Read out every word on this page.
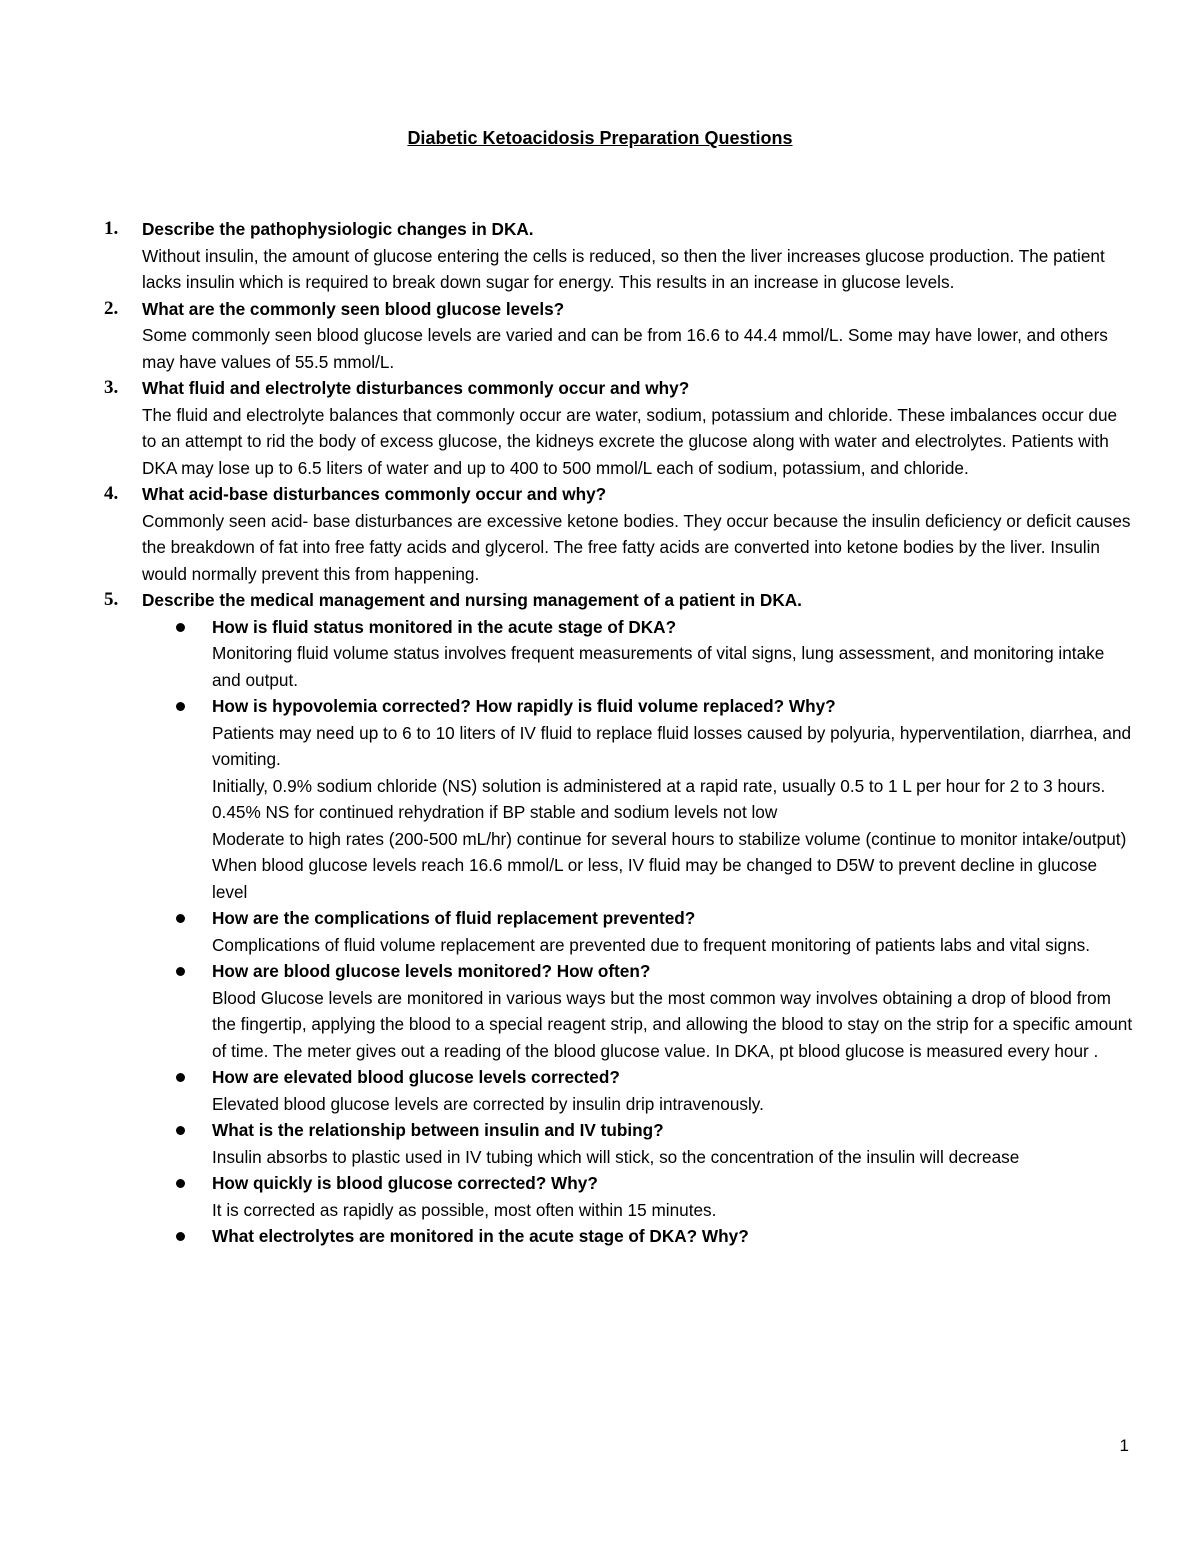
Diabetic Ketoacidosis Preparation Questions
1. Describe the pathophysiologic changes in DKA.
Without insulin, the amount of glucose entering the cells is reduced, so then the liver increases glucose production. The patient lacks insulin which is required to break down sugar for energy. This results in an increase in glucose levels.
2. What are the commonly seen blood glucose levels?
Some commonly seen blood glucose levels are varied and can be from 16.6 to 44.4 mmol/L. Some may have lower, and others may have values of 55.5 mmol/L.
3. What fluid and electrolyte disturbances commonly occur and why?
The fluid and electrolyte balances that commonly occur are water, sodium, potassium and chloride. These imbalances occur due to an attempt to rid the body of excess glucose, the kidneys excrete the glucose along with water and electrolytes. Patients with DKA may lose up to 6.5 liters of water and up to 400 to 500 mmol/L each of sodium, potassium, and chloride.
4. What acid-base disturbances commonly occur and why?
Commonly seen acid- base disturbances are excessive ketone bodies. They occur because the insulin deficiency or deficit causes the breakdown of fat into free fatty acids and glycerol. The free fatty acids are converted into ketone bodies by the liver. Insulin would normally prevent this from happening.
5. Describe the medical management and nursing management of a patient in DKA.
How is fluid status monitored in the acute stage of DKA?
Monitoring fluid volume status involves frequent measurements of vital signs, lung assessment, and monitoring intake and output.
How is hypovolemia corrected? How rapidly is fluid volume replaced? Why?
Patients may need up to 6 to 10 liters of IV fluid to replace fluid losses caused by polyuria, hyperventilation, diarrhea, and vomiting.
Initially, 0.9% sodium chloride (NS) solution is administered at a rapid rate, usually 0.5 to 1 L per hour for 2 to 3 hours.
0.45% NS for continued rehydration if BP stable and sodium levels not low
Moderate to high rates (200-500 mL/hr) continue for several hours to stabilize volume (continue to monitor intake/output)
When blood glucose levels reach 16.6 mmol/L or less, IV fluid may be changed to D5W to prevent decline in glucose level
How are the complications of fluid replacement prevented?
Complications of fluid volume replacement are prevented due to frequent monitoring of patients labs and vital signs.
How are blood glucose levels monitored? How often?
Blood Glucose levels are monitored in various ways but the most common way involves obtaining a drop of blood from the fingertip, applying the blood to a special reagent strip, and allowing the blood to stay on the strip for a specific amount of time. The meter gives out a reading of the blood glucose value. In DKA, pt blood glucose is measured every hour .
How are elevated blood glucose levels corrected?
Elevated blood glucose levels are corrected by insulin drip intravenously.
What is the relationship between insulin and IV tubing?
Insulin absorbs to plastic used in IV tubing which will stick, so the concentration of the insulin will decrease
How quickly is blood glucose corrected? Why?
It is corrected as rapidly as possible, most often within 15 minutes.
What electrolytes are monitored in the acute stage of DKA? Why?
1
